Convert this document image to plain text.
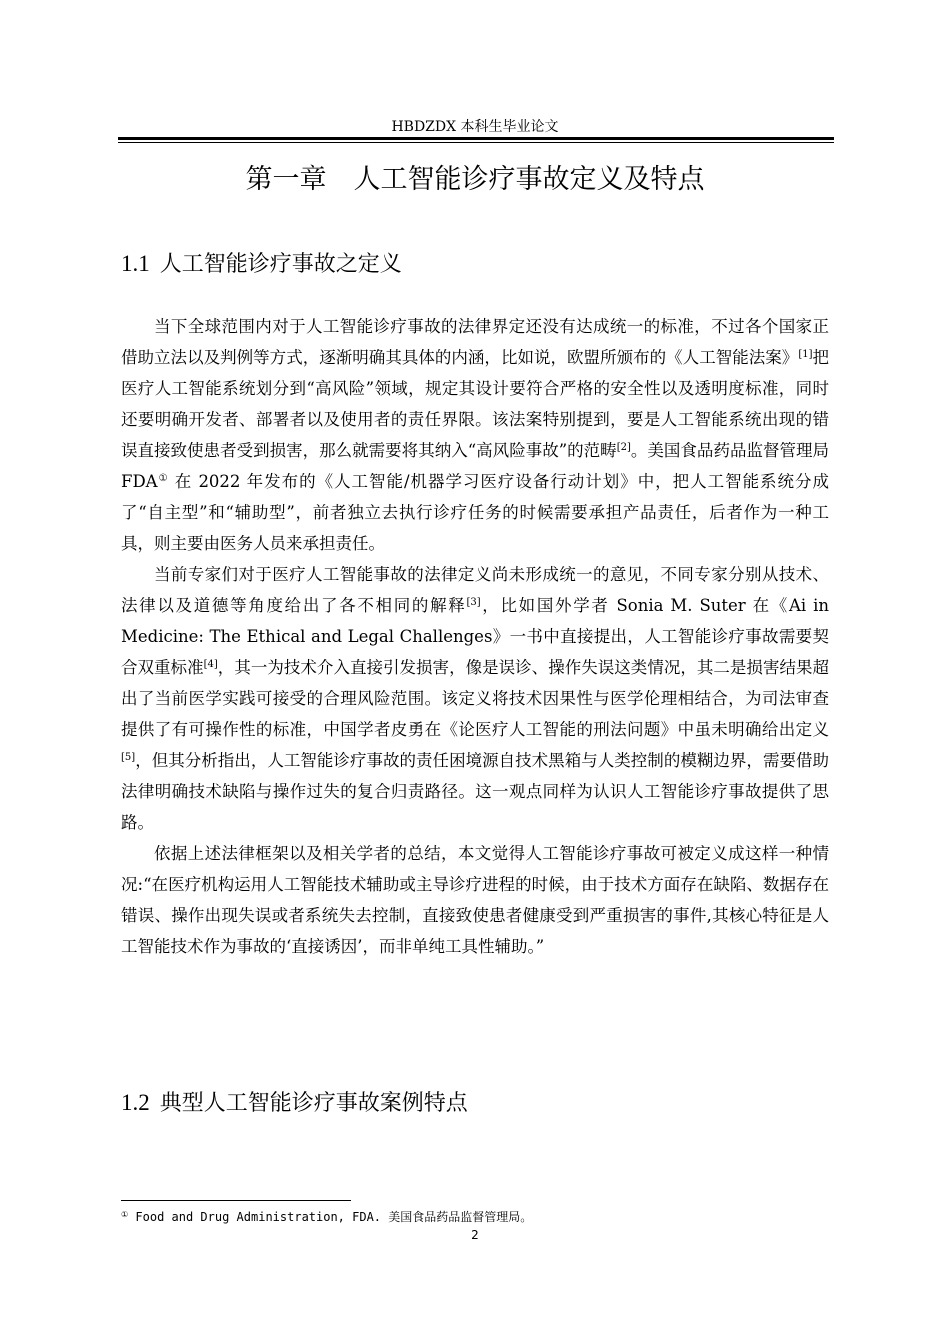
HBDZDX 本科生毕业论文
第一章　人工智能诊疗事故定义及特点
1.1 人工智能诊疗事故之定义

当下全球范围内对于人工智能诊疗事故的法律界定还没有达成统一的标准，不过各个国家正借助立法以及判例等方式，逐渐明确其具体的内涵，比如说，欧盟所颁布的《人工智能法案》[1]把医疗人工智能系统划分到“高风险”领域，规定其设计要符合严格的安全性以及透明度标准，同时还要明确开发者、部署者以及使用者的责任界限。该法案特别提到，要是人工智能系统出现的错误直接致使患者受到损害，那么就需要将其纳入“高风险事故”的范畴[2]。美国食品药品监督管理局 FDA① 在 2022 年发布的《人工智能/机器学习医疗设备行动计划》中，把人工智能系统分成了“自主型”和“辅助型”，前者独立去执行诊疗任务的时候需要承担产品责任，后者作为一种工具，则主要由医务人员来承担责任。

当前专家们对于医疗人工智能事故的法律定义尚未形成统一的意见，不同专家分别从技术、法律以及道德等角度给出了各不相同的解释[3]，比如国外学者 Sonia M. Suter 在《Ai in Medicine: The Ethical and Legal Challenges》一书中直接提出，人工智能诊疗事故需要契合双重标准[4]，其一为技术介入直接引发损害，像是误诊、操作失误这类情况，其二是损害结果超出了当前医学实践可接受的合理风险范围。该定义将技术因果性与医学伦理相结合，为司法审查提供了有可操作性的标准，中国学者皮勇在《论医疗人工智能的刑法问题》中虽未明确给出定义[5]，但其分析指出，人工智能诊疗事故的责任困境源自技术黑箱与人类控制的模糊边界，需要借助法律明确技术缺陷与操作过失的复合归责路径。这一观点同样为认识人工智能诊疗事故提供了思路。

依据上述法律框架以及相关学者的总结，本文觉得人工智能诊疗事故可被定义成这样一种情况:“在医疗机构运用人工智能技术辅助或主导诊疗进程的时候，由于技术方面存在缺陷、数据存在错误、操作出现失误或者系统失去控制，直接致使患者健康受到严重损害的事件,其核心特征是人工智能技术作为事故的‘直接诱因’，而非单纯工具性辅助。”

1.2 典型人工智能诊疗事故案例特点
① Food and Drug Administration, FDA. 美国食品药品监督管理局。
2
